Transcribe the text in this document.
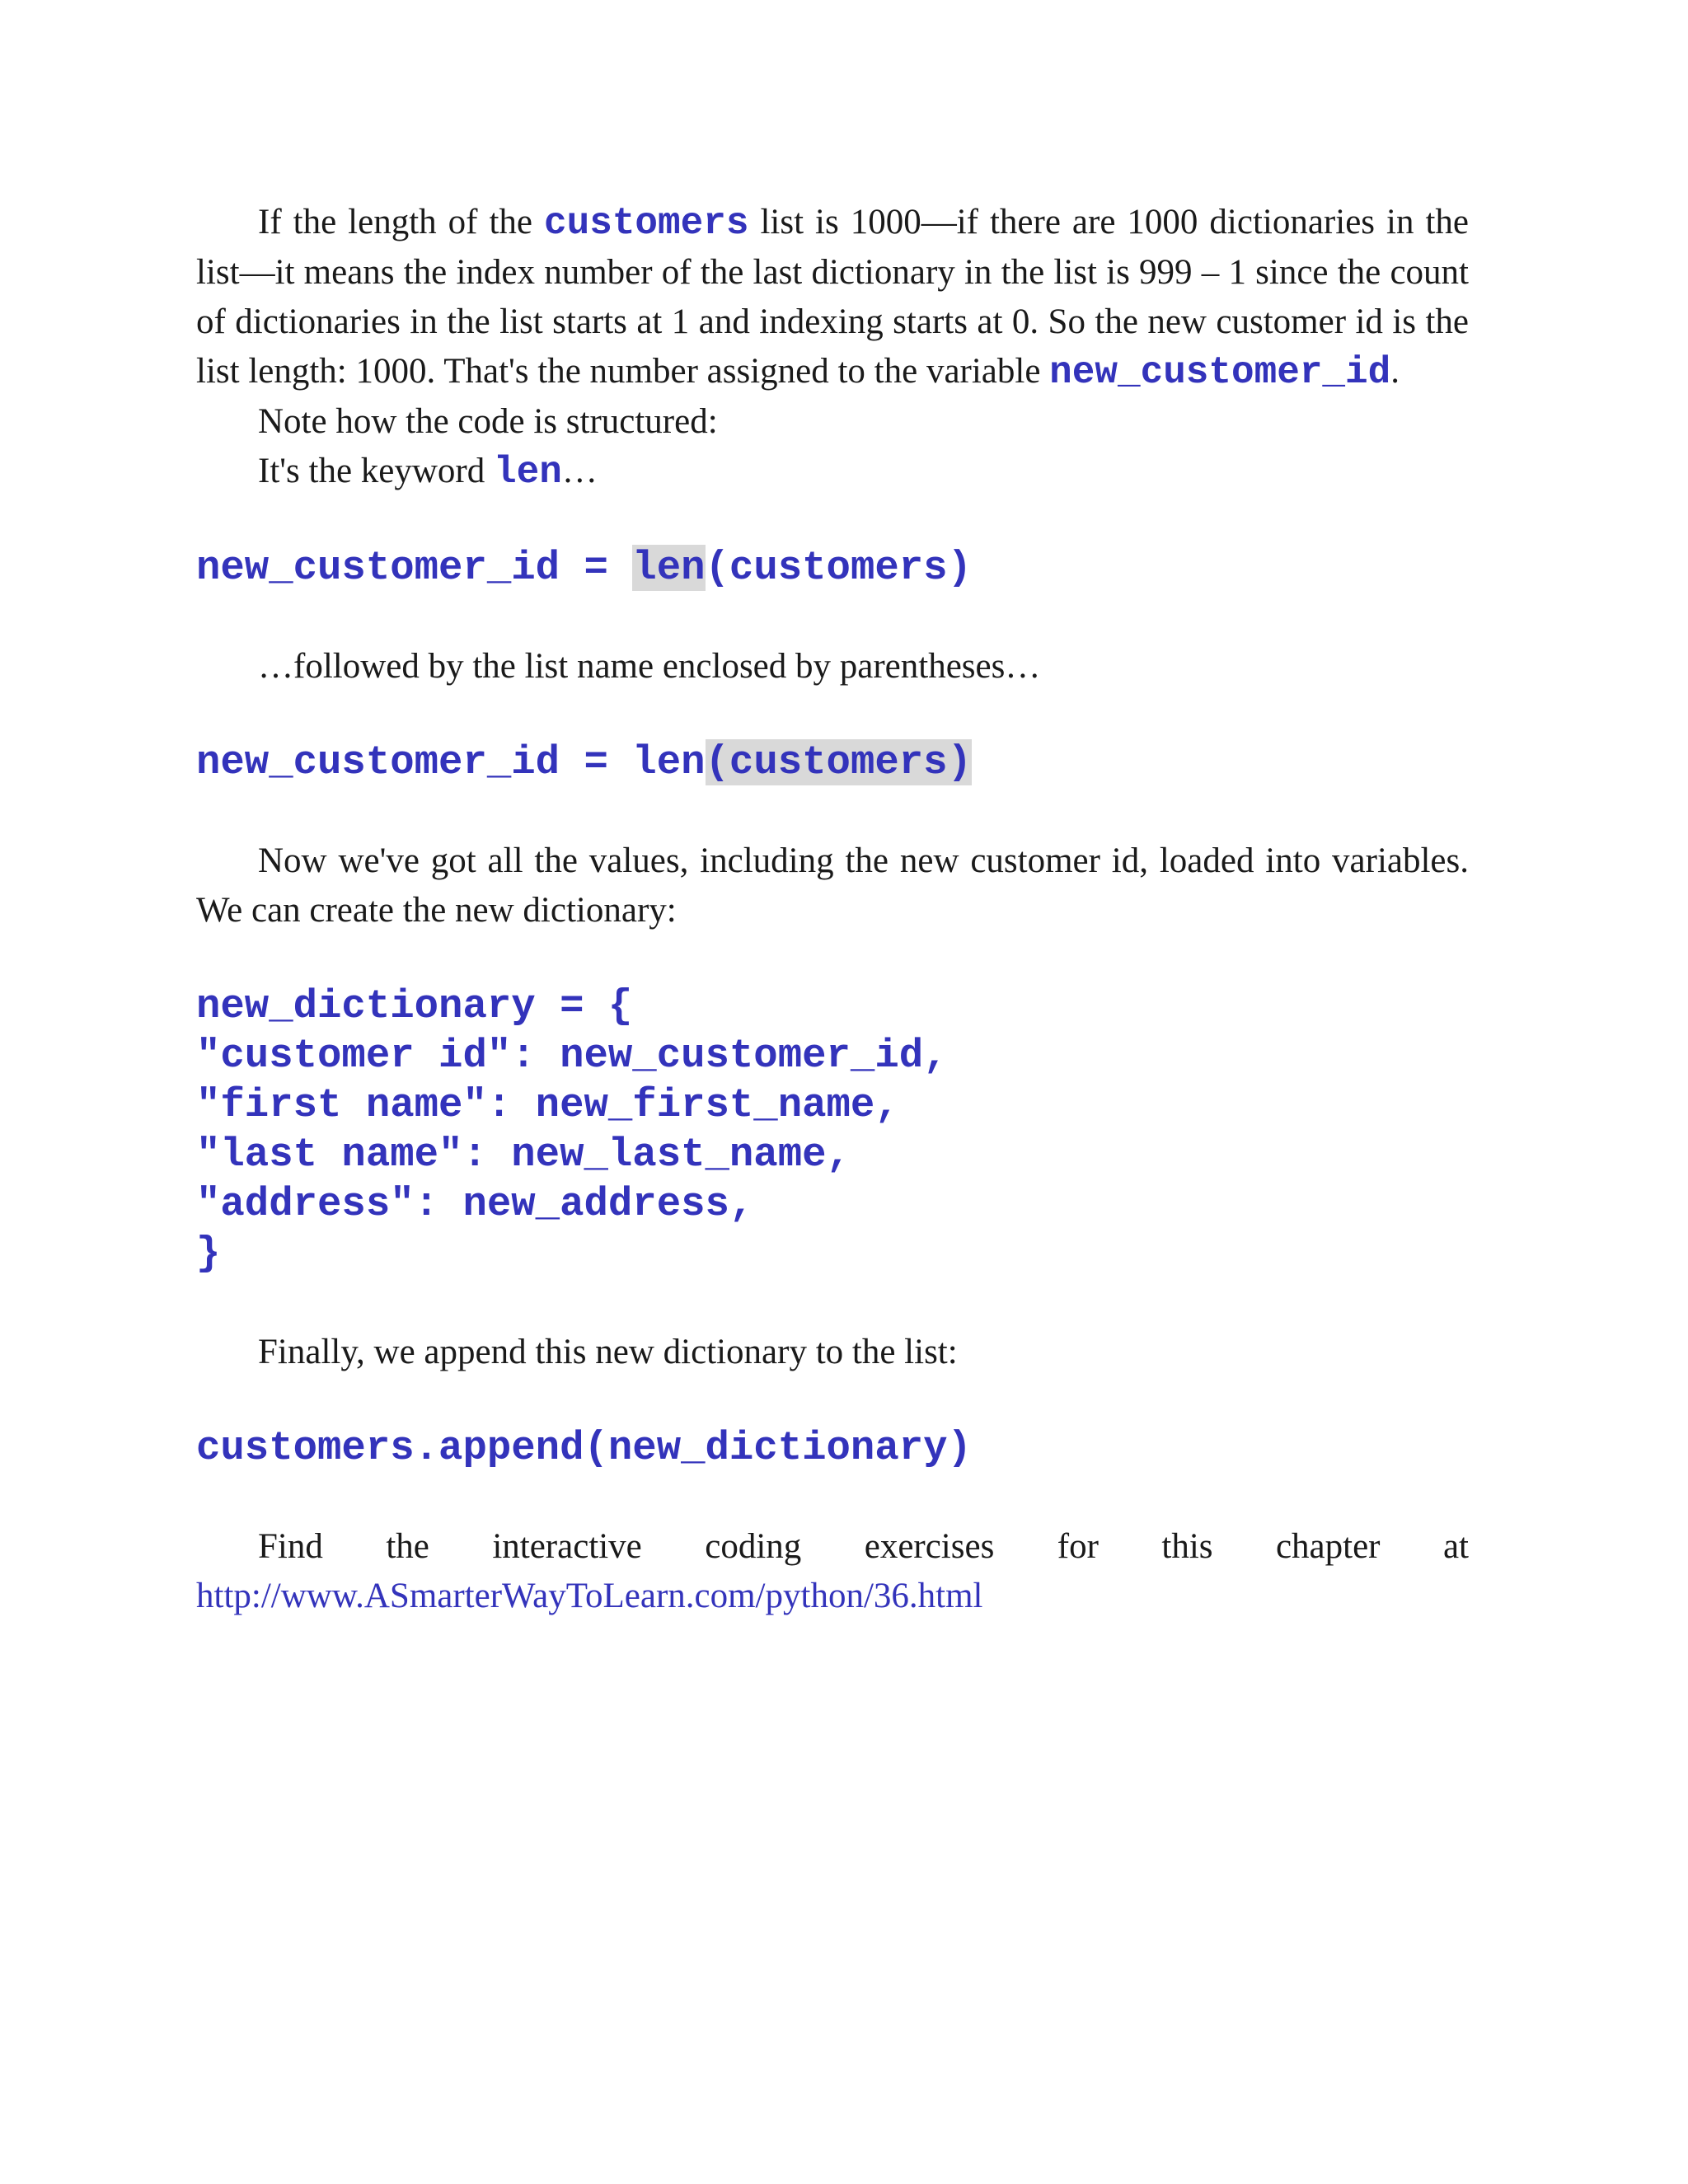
If the length of the customers list is 1000—if there are 1000 dictionaries in the list—it means the index number of the last dictionary in the list is 999 – 1 since the count of dictionaries in the list starts at 1 and indexing starts at 0. So the new customer id is the list length: 1000. That's the number assigned to the variable new_customer_id.

Note how the code is structured:

It's the keyword len…

new_customer_id = len(customers)

…followed by the list name enclosed by parentheses…

new_customer_id = len(customers)

Now we've got all the values, including the new customer id, loaded into variables. We can create the new dictionary:

new_dictionary = {

"customer id": new_customer_id,

"first name": new_first_name,

"last name": new_last_name,

"address": new_address,

}

Finally, we append this new dictionary to the list:

customers.append(new_dictionary)

Find the interactive coding exercises for this chapter at

http://www.ASmarterWayToLearn.com/python/36.html
